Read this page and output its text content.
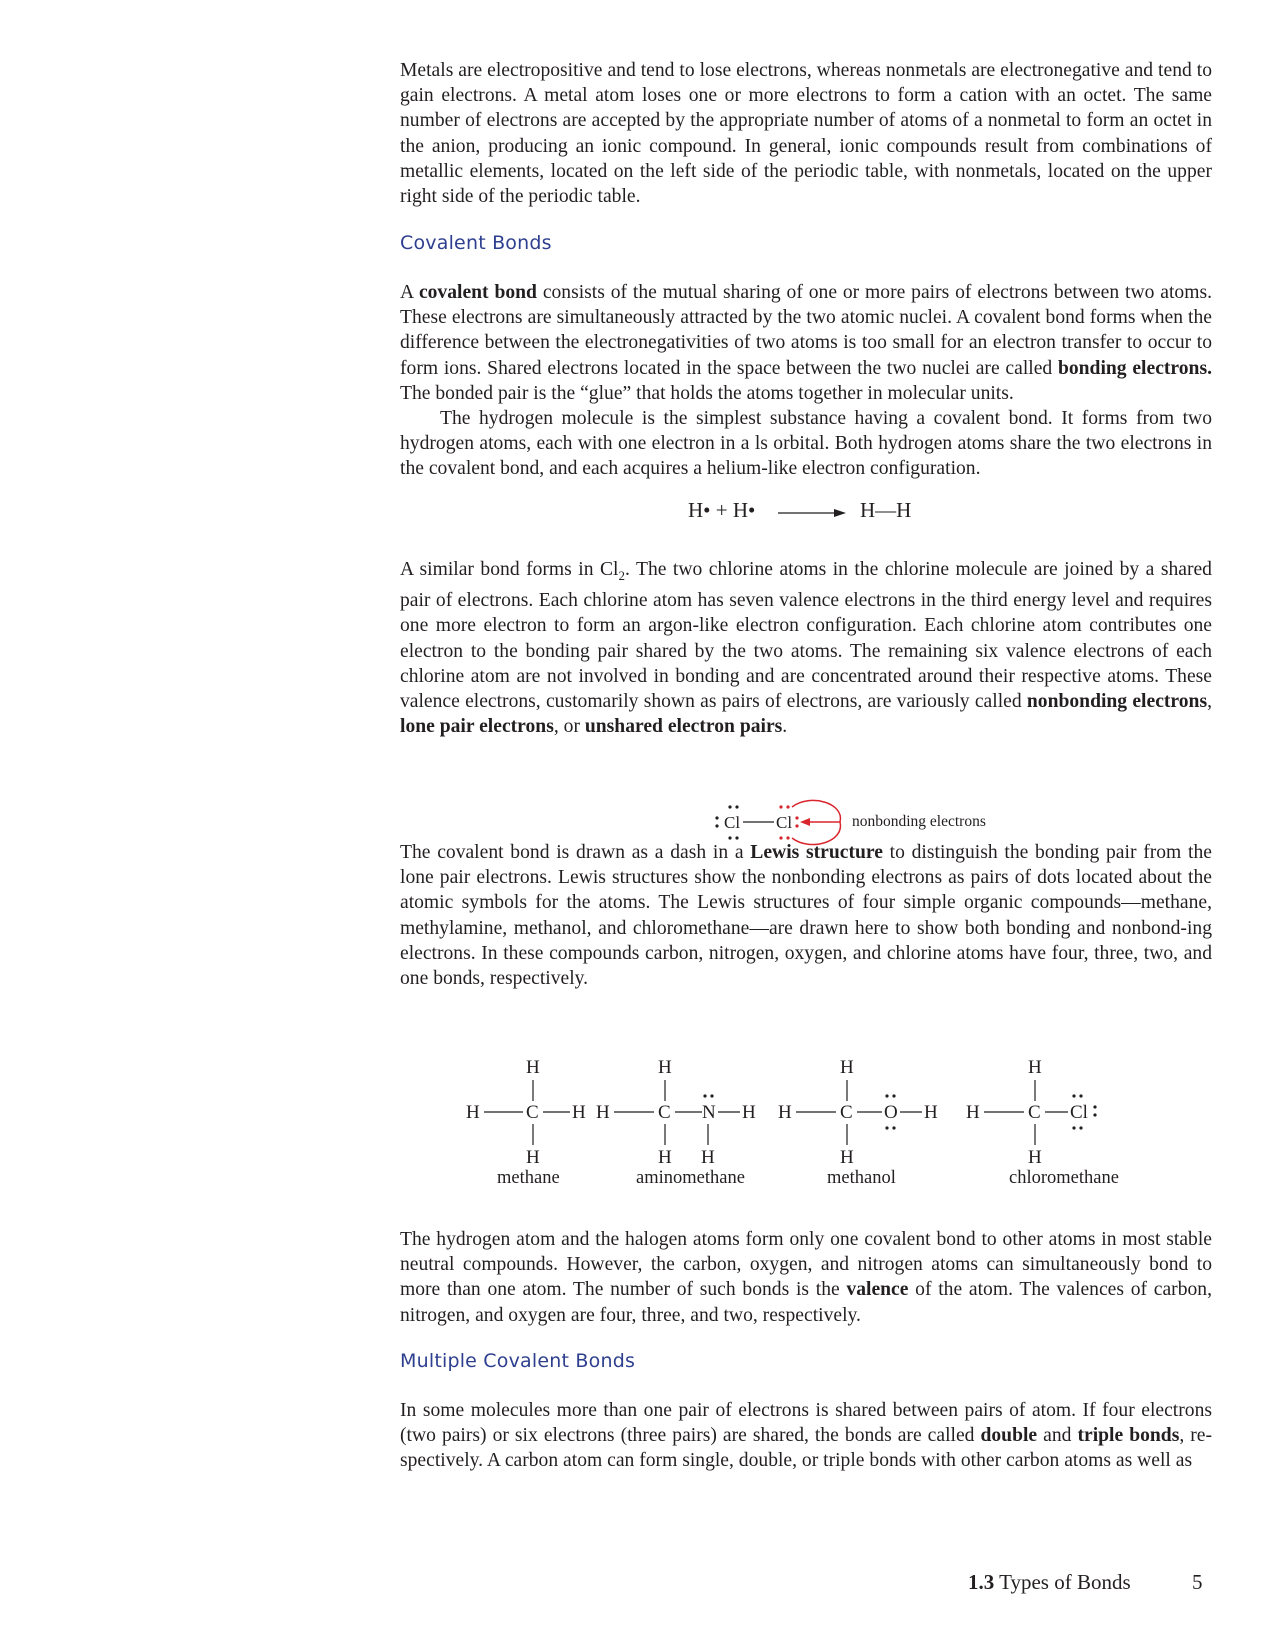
Metals are electropositive and tend to lose electrons, whereas nonmetals are electronegative and tend to gain electrons. A metal atom loses one or more electrons to form a cation with an octet. The same number of electrons are accepted by the appropriate number of atoms of a nonmetal to form an octet in the anion, producing an ionic compound. In general, ionic compounds result from combinations of metallic elements, located on the left side of the periodic table, with nonmetals, located on the upper right side of the periodic table.

Covalent Bonds

A covalent bond consists of the mutual sharing of one or more pairs of electrons between two atoms. These electrons are simultaneously attracted by the two atomic nuclei. A covalent bond forms when the difference between the electronegativities of two atoms is too small for an electron transfer to occur to form ions. Shared electrons located in the space between the two nuclei are called bonding electrons. The bonded pair is the “glue” that holds the atoms together in molecular units.

The hydrogen molecule is the simplest substance having a covalent bond. It forms from two hydrogen atoms, each with one electron in a ls orbital. Both hydrogen atoms share the two electrons in the covalent bond, and each acquires a helium-like electron configuration.

H• + H• → H—H

A similar bond forms in $Cl_2$. The two chlorine atoms in the chlorine molecule are joined by a shared pair of electrons. Each chlorine atom has seven valence electrons in the third energy level and requires one more electron to form an argon-like electron configuration. Each chlorine atom contributes one electron to the bonding pair shared by the two atoms. The remaining six valence electrons of each chlorine atom are not involved in bonding and are concentrated around their respective atoms. These valence electrons, customarily shown as pairs of electrons, are variously called nonbonding electrons, lone pair electrons, or unshared electron pairs.

Cl Cl	nonbonding electrons

The covalent bond is drawn as a dash in a Lewis structure to distinguish the bonding pair from the lone pair electrons. Lewis structures show the nonbonding electrons as pairs of dots located about the atomic symbols for the atoms. The Lewis structures of four simple organic compounds—methane, methylamine, methanol, and chloromethane—are drawn here to show both bonding and nonbond-ing electrons. In these compounds carbon, nitrogen, oxygen, and chlorine atoms have four, three, two, and one bonds, respectively.

H
H C H
H
H
H	C N H
H H
H
H	C O H
H
H
H	C Cl
H
methane	aminomethane	methanol	chloromethane

The hydrogen atom and the halogen atoms form only one covalent bond to other atoms in most stable neutral compounds. However, the carbon, oxygen, and nitrogen atoms can simultaneously bond to more than one atom. The number of such bonds is the valence of the atom. The valences of carbon, nitrogen, and oxygen are four, three, and two, respectively.

Multiple Covalent Bonds

In some molecules more than one pair of electrons is shared between pairs of atom. If four electrons (two pairs) or six electrons (three pairs) are shared, the bonds are called double and triple bonds, re-spectively. A carbon atom can form single, double, or triple bonds with other carbon atoms as well as

1.3 Types of Bonds	5
